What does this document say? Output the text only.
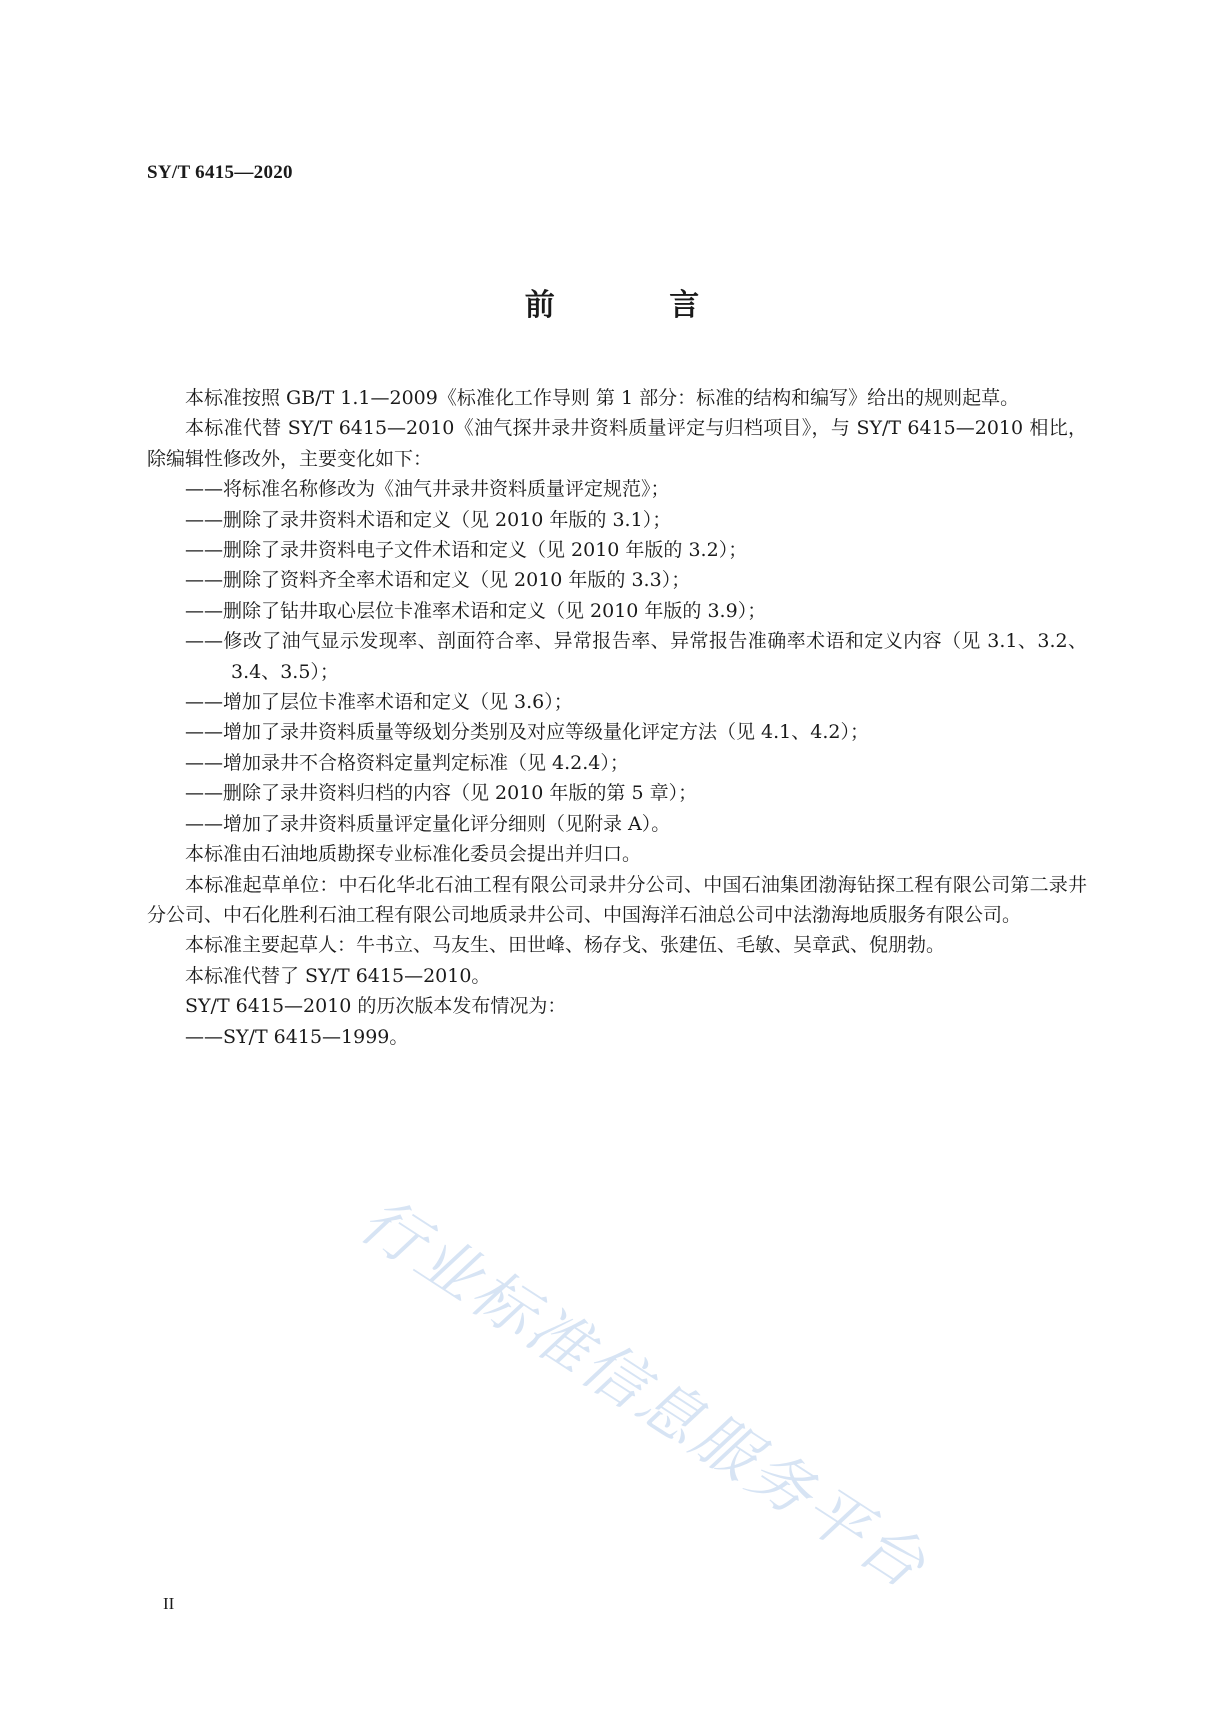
SY/T 6415—2020
前 言

本标准按照 GB/T 1.1—2009《标准化工作导则 第 1 部分：标准的结构和编写》给出的规则起草。

本标准代替 SY/T 6415—2010《油气探井录井资料质量评定与归档项目》，与 SY/T 6415—2010 相比，除编辑性修改外，主要变化如下：

——将标准名称修改为《油气井录井资料质量评定规范》；

——删除了录井资料术语和定义（见 2010 年版的 3.1）；

——删除了录井资料电子文件术语和定义（见 2010 年版的 3.2）；

——删除了资料齐全率术语和定义（见 2010 年版的 3.3）；

——删除了钻井取心层位卡准率术语和定义（见 2010 年版的 3.9）；

——修改了油气显示发现率、剖面符合率、异常报告率、异常报告准确率术语和定义内容（见 3.1、3.2、3.4、3.5）；

——增加了层位卡准率术语和定义（见 3.6）；

——增加了录井资料质量等级划分类别及对应等级量化评定方法（见 4.1、4.2）；

——增加录井不合格资料定量判定标准（见 4.2.4）；

——删除了录井资料归档的内容（见 2010 年版的第 5 章）；

——增加了录井资料质量评定量化评分细则（见附录 A）。

本标准由石油地质勘探专业标准化委员会提出并归口。

本标准起草单位：中石化华北石油工程有限公司录井分公司、中国石油集团渤海钻探工程有限公司第二录井分公司、中石化胜利石油工程有限公司地质录井公司、中国海洋石油总公司中法渤海地质服务有限公司。

本标准主要起草人：牛书立、马友生、田世峰、杨存戈、张建伍、毛敏、吴章武、倪朋勃。

本标准代替了 SY/T 6415—2010。

SY/T 6415—2010 的历次版本发布情况为：

——SY/T 6415—1999。

行业标准信息服务平台
II
